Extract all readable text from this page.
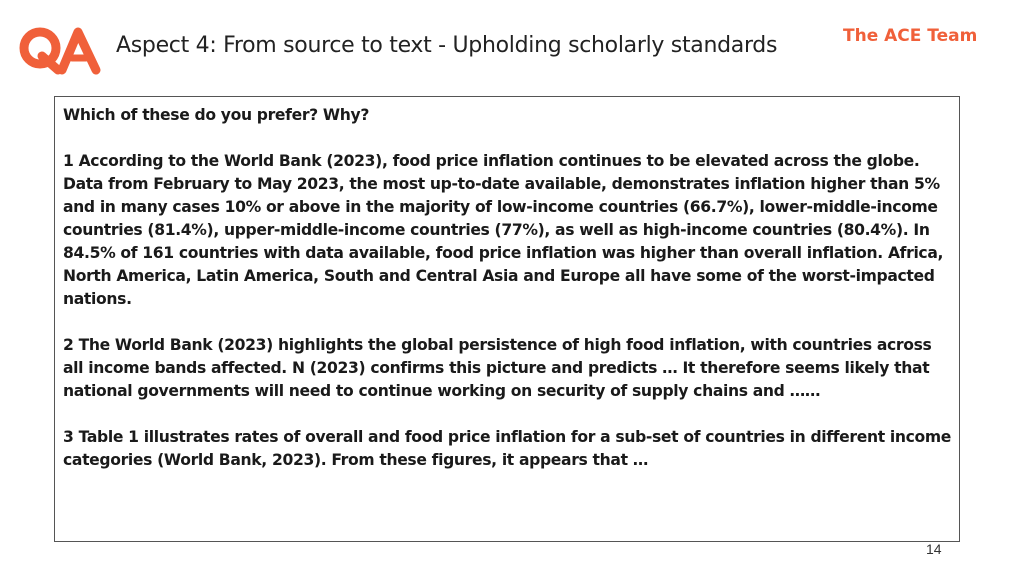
Aspect 4: From source to text - Upholding scholarly standards	The ACE Team

Which of these do you prefer? Why?

1 According to the World Bank (2023), food price inflation continues to be elevated across the globe. Data from February to May 2023, the most up-to-date available, demonstrates inflation higher than 5% and in many cases 10% or above in the majority of low-income countries (66.7%), lower-middle-income countries (81.4%), upper-middle-income countries (77%), as well as high-income countries (80.4%). In 84.5% of 161 countries with data available, food price inflation was higher than overall inflation. Africa, North America, Latin America, South and Central Asia and Europe all have some of the worst-impacted nations.

2 The World Bank (2023) highlights the global persistence of high food inflation, with countries across all income bands affected. N (2023) confirms this picture and predicts … It therefore seems likely that national governments will need to continue working on security of supply chains and ……

3 Table 1 illustrates rates of overall and food price inflation for a sub-set of countries in different income categories (World Bank, 2023). From these figures, it appears that …

14
